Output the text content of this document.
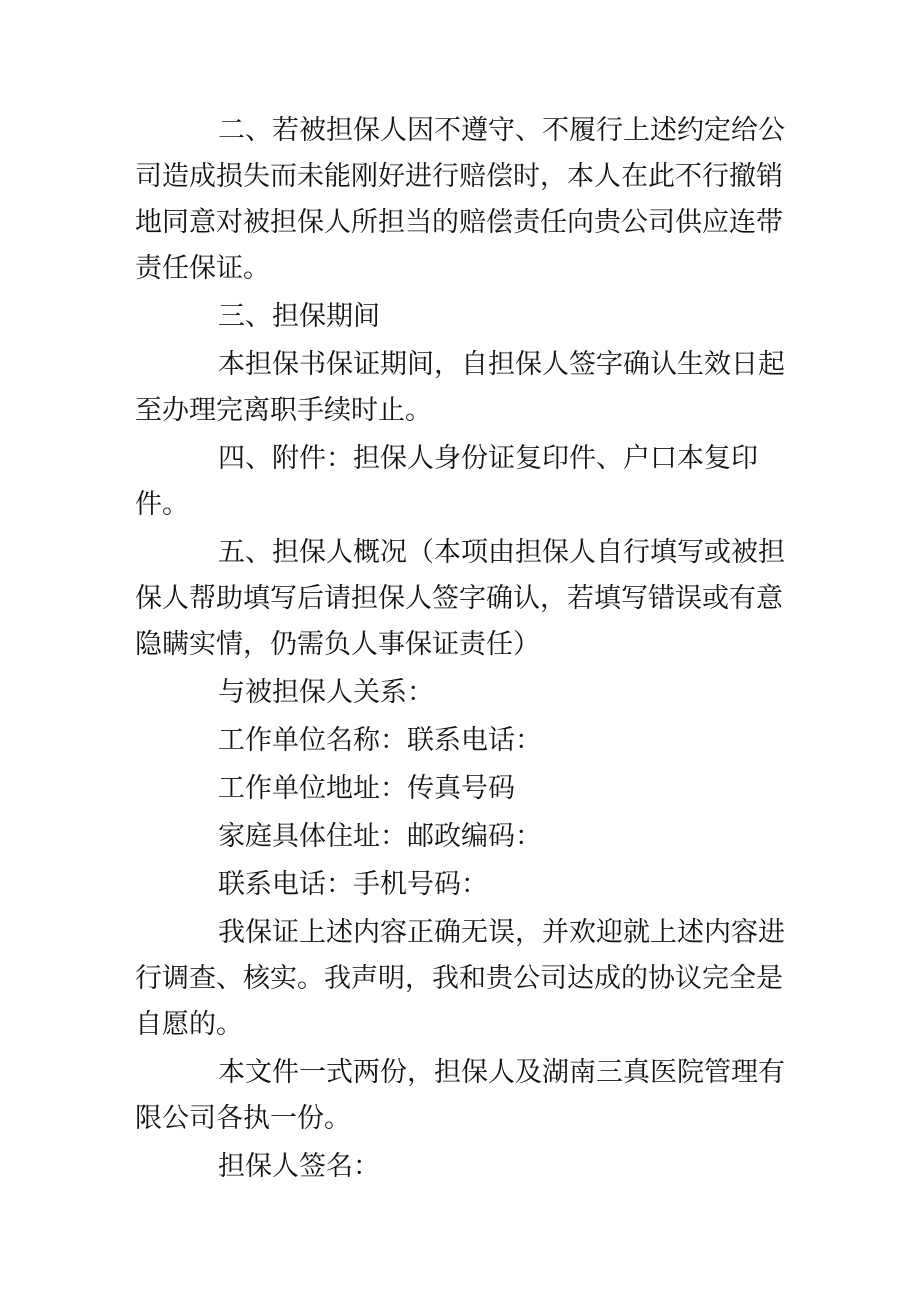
二、若被担保人因不遵守、不履行上述约定给公司造成损失而未能刚好进行赔偿时，本人在此不行撤销地同意对被担保人所担当的赔偿责任向贵公司供应连带责任保证。

三、担保期间

本担保书保证期间，自担保人签字确认生效日起至办理完离职手续时止。

四、附件：担保人身份证复印件、户口本复印件。

五、担保人概况（本项由担保人自行填写或被担保人帮助填写后请担保人签字确认，若填写错误或有意隐瞒实情，仍需负人事保证责任）

与被担保人关系：

工作单位名称：联系电话：

工作单位地址：传真号码

家庭具体住址：邮政编码：

联系电话：手机号码：

我保证上述内容正确无误，并欢迎就上述内容进行调查、核实。我声明，我和贵公司达成的协议完全是自愿的。

本文件一式两份，担保人及湖南三真医院管理有限公司各执一份。

担保人签名：
